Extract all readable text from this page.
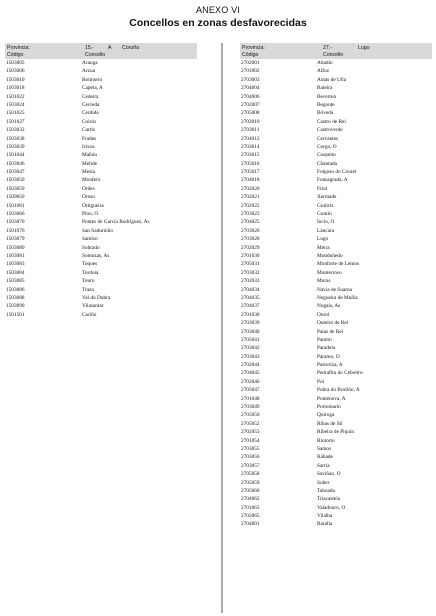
ANEXO VI
Concellos en zonas desfavorecidas
Provincia:	15.-	A Coruña
Código	Concello
1503005	Aranga
1503006	Arzua
1503010	Boimorto
1503018	Capela, A
1501022	Cedeira
1503024	Cerceda
1501025	Cerdido
1501027	Coirós
1503032	Curtis
1503038	Frades
1503039	Irixoa
1501044	Mañón
1503046	Melide
1503047	Mesía
1503050	Monfero
1503059	Ordes
1509050	Oroso
1501081	Ortigueira
1503066	Pino, O
1503070	Pontes de García Rodríguez, As
1501076	San Sadurniño
1503079	Santiso
1503080	Sobrado
1503081	Somozas, As
1503083	Toques
1503084	Tordoia
1503085	Touro
1503086	Trazo
1503088	Val do Dubra
1503090	Vilasantar
1501501	Cariño
Provincia:	27.-	Lugo
Código	Concello
2702001	Abadín
2701002	Alfoz
2703003	Antas de Ulla
2704004	Baleira
2704006	Becerreá
2702007	Begonte
2705008	Bóveda
2702010	Castro de Rei
2703011	Castroverde
2704012	Cervantes
2703014	Corgo, O
2702015	Cospeito
2705016	Chantada
2705017	Folgoso do Courel
2704018	Fonsagrada, A
2702020	Friol
2702021	Xermade
2702022	Guitiriz
2703023	Guntín
2704025	Incio, O
2703026	Láncara
2703028	Lugo
2702029	Meira
2701030	Mondoñedo
2705031	Monforte de Lemos
2703032	Monterroso
2702033	Muras
2704034	Navia de Suarna
2704035	Negueira de Muñiz
2704037	Nogais, As
2701038	Ourol
2703039	Outeiro de Rei
2703040	Palas de Rei
2705041	Pantón
2703042	Paradela
2703043	Páramo, O
2702044	Pastoriza, A
2704045	Pedrafita do Cebreiro
2702046	Pol
2705047	Pobra do Brollón, A
2701048	Pontenova, A
2703049	Portomarín
2705050	Quiroga
2705052	Ribas de Sil
2702053	Ribeira de Piquín
2701054	Riotorto
2703055	Samos
2703056	Rábade
2703057	Sarria
2705058	Saviñao, O
2705059	Sober
2705060	Taboada
2704062	Triacastela
2701063	Valadouro, O
2702065	Vilalba
2704001	Baralla
